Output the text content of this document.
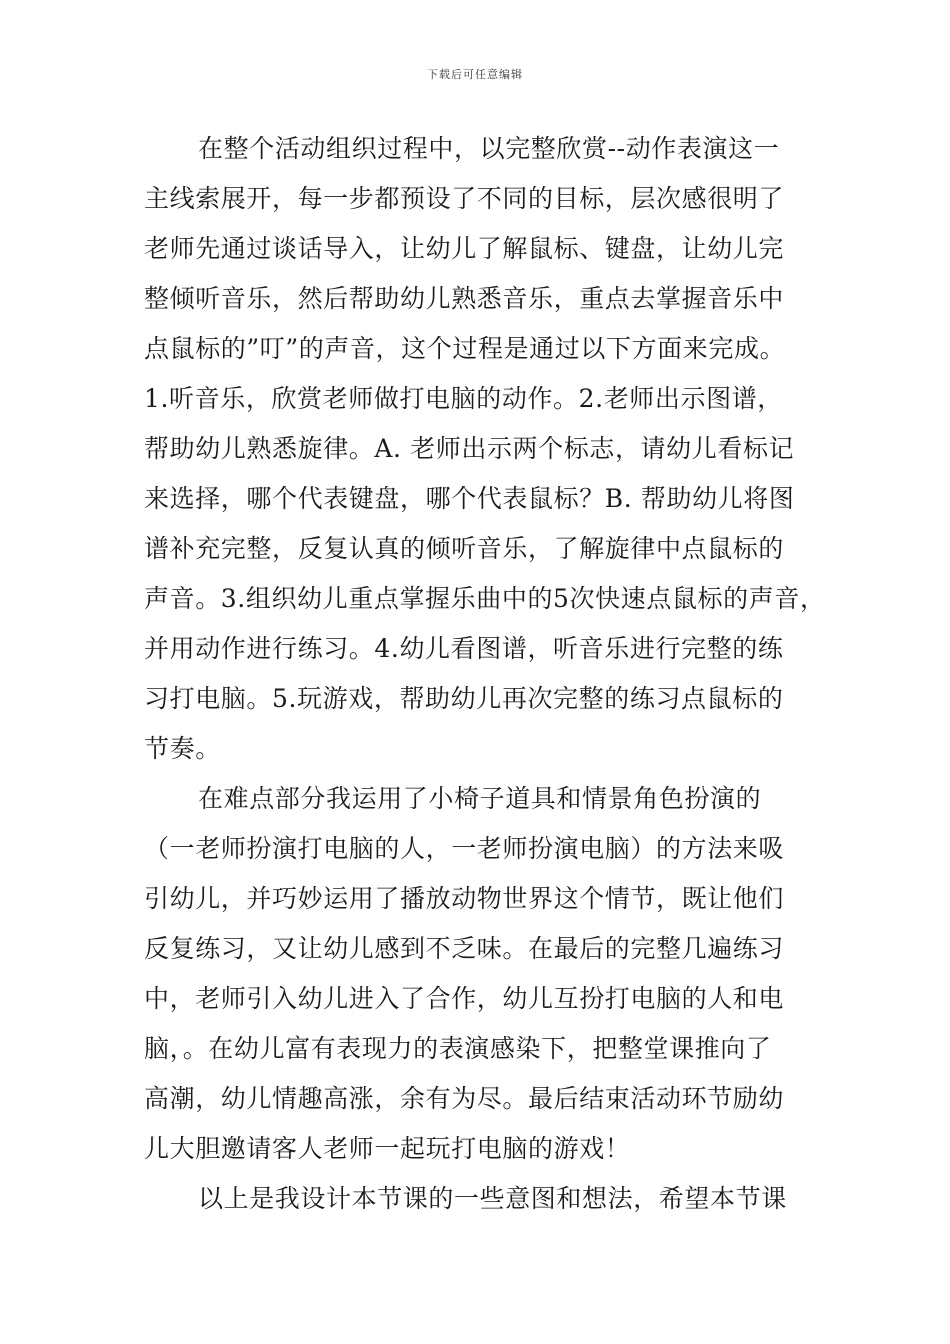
下载后可任意编辑
在整个活动组织过程中，以完整欣赏--动作表演这一
主线索展开，每一步都预设了不同的目标，层次感很明了
老师先通过谈话导入，让幼儿了解鼠标、键盘，让幼儿完
整倾听音乐，然后帮助幼儿熟悉音乐，重点去掌握音乐中
点鼠标的”叮”的声音，这个过程是通过以下方面来完成。
1.听音乐，欣赏老师做打电脑的动作。2.老师出示图谱，
帮助幼儿熟悉旋律。A. 老师出示两个标志，请幼儿看标记
来选择，哪个代表键盘，哪个代表鼠标？B. 帮助幼儿将图
谱补充完整，反复认真的倾听音乐，了解旋律中点鼠标的
声音。3.组织幼儿重点掌握乐曲中的5次快速点鼠标的声音，
并用动作进行练习。4.幼儿看图谱，听音乐进行完整的练
习打电脑。5.玩游戏，帮助幼儿再次完整的练习点鼠标的
节奏。
在难点部分我运用了小椅子道具和情景角色扮演的
（一老师扮演打电脑的人，一老师扮演电脑）的方法来吸
引幼儿，并巧妙运用了播放动物世界这个情节，既让他们
反复练习，又让幼儿感到不乏味。在最后的完整几遍练习
中，老师引入幼儿进入了合作，幼儿互扮打电脑的人和电
脑，。在幼儿富有表现力的表演感染下，把整堂课推向了
高潮，幼儿情趣高涨，余有为尽。最后结束活动环节励幼
儿大胆邀请客人老师一起玩打电脑的游戏！
以上是我设计本节课的一些意图和想法，希望本节课
